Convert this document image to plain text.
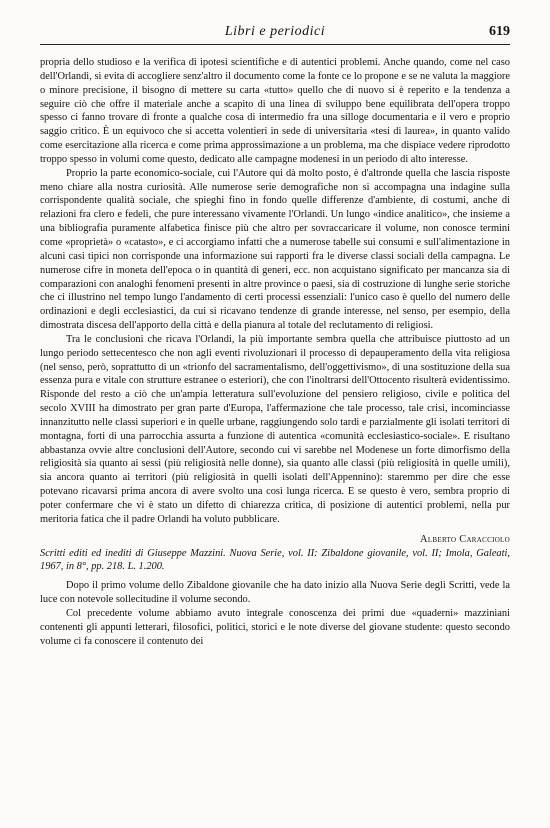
Libri e periodici	619

propria dello studioso e la verifica di ipotesi scientifiche e di autentici problemi. Anche quando, come nel caso dell'Orlandi, si evita di accogliere senz'altro il documento come la fonte ce lo propone e se ne valuta la maggiore o minore precisione, il bisogno di mettere su carta «tutto» quello che di nuovo si è reperito e la tendenza a seguire ciò che offre il materiale anche a scapito di una linea di sviluppo bene equilibrata dell'opera troppo spesso ci fanno trovare di fronte a qualche cosa di intermedio fra una silloge documentaria e il vero e proprio saggio critico. È un equivoco che si accetta volentieri in sede di universitaria «tesi di laurea», in quanto valido come esercitazione alla ricerca e come prima approssimazione a un problema, ma che dispiace vedere riprodotto troppo spesso in volumi come questo, dedicato alle campagne modenesi in un periodo di alto interesse.

Proprio la parte economico-sociale, cui l'Autore qui dà molto posto, è d'altronde quella che lascia risposte meno chiare alla nostra curiosità. Alle numerose serie demografiche non si accompagna una indagine sulla corrispondente qualità sociale, che spieghi fino in fondo quelle differenze d'ambiente, di costumi, anche di relazioni fra clero e fedeli, che pure interessano vivamente l'Orlandi. Un lungo «indice analitico», che insieme a una bibliografia puramente alfabetica finisce più che altro per sovraccaricare il volume, non conosce termini come «proprietà» o «catasto», e ci accorgiamo infatti che a numerose tabelle sui consumi e sull'alimentazione in alcuni casi tipici non corrisponde una informazione sui rapporti fra le diverse classi sociali della campagna. Le numerose cifre in moneta dell'epoca o in quantità di generi, ecc. non acquistano significato per mancanza sia di comparazioni con analoghi fenomeni presenti in altre province o paesi, sia di costruzione di lunghe serie storiche che ci illustrino nel tempo lungo l'andamento di certi processi essenziali: l'unico caso è quello del numero delle ordinazioni e degli ecclesiastici, da cui si ricavano tendenze di grande interesse, nel senso, per esempio, della dimostrata discesa dell'apporto della città e della pianura al totale del reclutamento di religiosi.

Tra le conclusioni che ricava l'Orlandi, la più importante sembra quella che attribuisce piuttosto ad un lungo periodo settecentesco che non agli eventi rivoluzionari il processo di depauperamento della vita religiosa (nel senso, però, soprattutto di un «trionfo del sacramentalismo, dell'oggettivismo», di una sostituzione della sua essenza pura e vitale con strutture estranee o esteriori), che con l'inoltrarsi dell'Ottocento risulterà evidentissimo. Risponde del resto a ciò che un'ampia letteratura sull'evoluzione del pensiero religioso, civile e politica del secolo XVIII ha dimostrato per gran parte d'Europa, l'affermazione che tale processo, tale crisi, incominciasse innanzitutto nelle classi superiori e in quelle urbane, raggiungendo solo tardi e parzialmente gli isolati territori di montagna, forti di una parrocchia assurta a funzione di autentica «comunità ecclesiastico-sociale». E risultano abbastanza ovvie altre conclusioni dell'Autore, secondo cui vi sarebbe nel Modenese un forte dimorfismo della religiosità sia quanto ai sessi (più religiosità nelle donne), sia quanto alle classi (più religiosità in quelle umili), sia ancora quanto ai territori (più religiosità in quelli isolati dell'Appennino): staremmo per dire che esse potevano ricavarsi prima ancora di avere svolto una così lunga ricerca. E se questo è vero, sembra proprio di poter confermare che vi è stato un difetto di chiarezza critica, di posizione di autentici problemi, nella pur meritoria fatica che il padre Orlandi ha voluto pubblicare.

Alberto Caracciolo

Scritti editi ed inediti di Giuseppe Mazzini. Nuova Serie, vol. II: Zibaldone giovanile, vol. II; Imola, Galeati, 1967, in 8°, pp. 218. L. 1.200.

Dopo il primo volume dello Zibaldone giovanile che ha dato inizio alla Nuova Serie degli Scritti, vede la luce con notevole sollecitudine il volume secondo.

Col precedente volume abbiamo avuto integrale conoscenza dei primi due «quaderni» mazziniani contenenti gli appunti letterari, filosofici, politici, storici e le note diverse del giovane studente: questo secondo volume ci fa conoscere il contenuto dei
